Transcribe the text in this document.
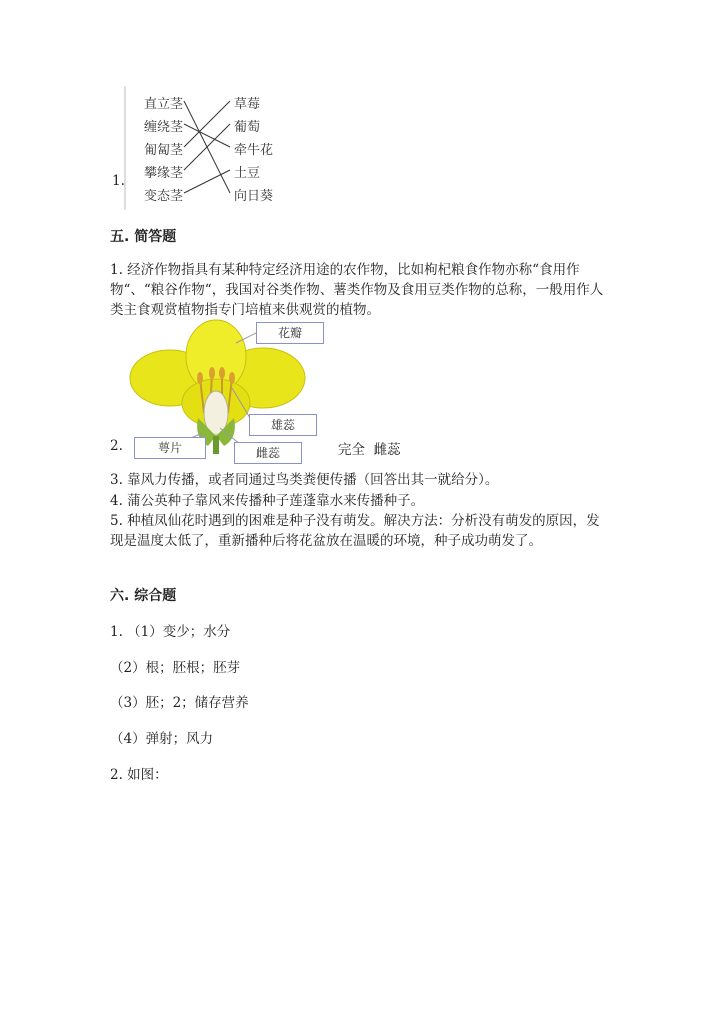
1.
直立茎
缠绕茎
匍匐茎
攀缘茎
变态茎
草莓
葡萄
牵牛花
土豆
向日葵
五. 简答题
1. 经济作物指具有某种特定经济用途的农作物，比如枸杞粮食作物亦称“食用作物“、“粮谷作物“，我国对谷类作物、薯类作物及食用豆类作物的总称，一般用作人类主食观赏植物指专门培植来供观赏的植物。
2.
花瓣
雄蕊
萼片	雌蕊	完全  雌蕊
3. 靠风力传播，或者同通过鸟类粪便传播（回答出其一就给分）。
4. 蒲公英种子靠风来传播种子莲蓬靠水来传播种子。
5. 种植凤仙花时遇到的困难是种子没有萌发。解决方法：分析没有萌发的原因，发现是温度太低了，重新播种后将花盆放在温暖的环境，种子成功萌发了。
六. 综合题
1. （1）变少；水分
（2）根；胚根；胚芽
（3）胚；2；储存营养
（4）弹射；风力
2. 如图：
